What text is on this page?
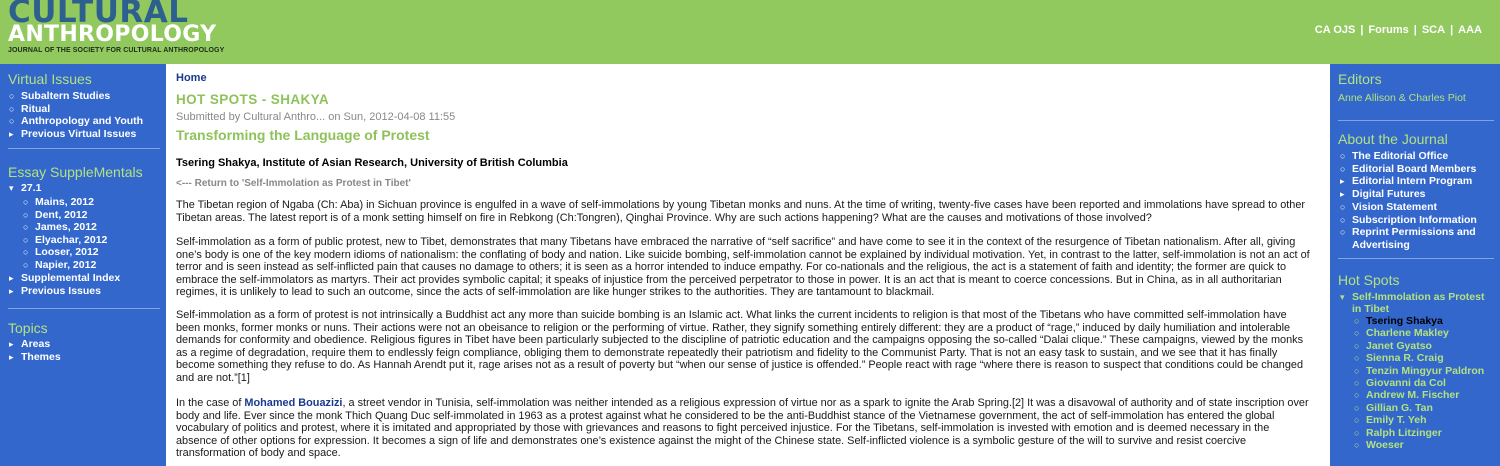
CULTURAL
ANTHROPOLOGY
JOURNAL OF THE SOCIETY FOR CULTURAL ANTHROPOLOGY
CA OJS | Forums | SCA | AAA
Virtual Issues
○ Subaltern Studies
○ Ritual
○ Anthropology and Youth
▸ Previous Virtual Issues
Essay SuppleMentals
▾ 27.1
○ Mains, 2012
○ Dent, 2012
○ James, 2012
○ Elyachar, 2012
○ Looser, 2012
○ Napier, 2012
▸ Supplemental Index
▸ Previous Issues
Topics
▸ Areas
▸ Themes
Home
HOT SPOTS - SHAKYA
Submitted by Cultural Anthro... on Sun, 2012-04-08 11:55
Transforming the Language of Protest
Tsering Shakya, Institute of Asian Research, University of British Columbia
<--- Return to 'Self-Immolation as Protest in Tibet'

The Tibetan region of Ngaba (Ch: Aba) in Sichuan province is engulfed in a wave of self-immolations by young Tibetan monks and nuns. At the time of writing, twenty-five cases have been reported and immolations have spread to other Tibetan areas. The latest report is of a monk setting himself on fire in Rebkong (Ch:Tongren), Qinghai Province. Why are such actions happening? What are the causes and motivations of those involved?

Self-immolation as a form of public protest, new to Tibet, demonstrates that many Tibetans have embraced the narrative of “self sacrifice” and have come to see it in the context of the resurgence of Tibetan nationalism. After all, giving one’s body is one of the key modern idioms of nationalism: the conflating of body and nation. Like suicide bombing, self-immolation cannot be explained by individual motivation. Yet, in contrast to the latter, self-immolation is not an act of terror and is seen instead as self-inflicted pain that causes no damage to others; it is seen as a horror intended to induce empathy. For co-nationals and the religious, the act is a statement of faith and identity; the former are quick to embrace the self-immolators as martyrs. Their act provides symbolic capital; it speaks of injustice from the perceived perpetrator to those in power. It is an act that is meant to coerce concessions. But in China, as in all authoritarian regimes, it is unlikely to lead to such an outcome, since the acts of self-immolation are like hunger strikes to the authorities. They are tantamount to blackmail.

Self-immolation as a form of protest is not intrinsically a Buddhist act any more than suicide bombing is an Islamic act. What links the current incidents to religion is that most of the Tibetans who have committed self-immolation have been monks, former monks or nuns. Their actions were not an obeisance to religion or the performing of virtue. Rather, they signify something entirely different: they are a product of “rage,” induced by daily humiliation and intolerable demands for conformity and obedience. Religious figures in Tibet have been particularly subjected to the discipline of patriotic education and the campaigns opposing the so-called “Dalai clique.” These campaigns, viewed by the monks as a regime of degradation, require them to endlessly feign compliance, obliging them to demonstrate repeatedly their patriotism and fidelity to the Communist Party. That is not an easy task to sustain, and we see that it has finally become something they refuse to do. As Hannah Arendt put it, rage arises not as a result of poverty but “when our sense of justice is offended.” People react with rage “where there is reason to suspect that conditions could be changed and are not.”[1]

In the case of Mohamed Bouazizi, a street vendor in Tunisia, self-immolation was neither intended as a religious expression of virtue nor as a spark to ignite the Arab Spring.[2] It was a disavowal of authority and of state inscription over body and life. Ever since the monk Thich Quang Duc self-immolated in 1963 as a protest against what he considered to be the anti-Buddhist stance of the Vietnamese government, the act of self-immolation has entered the global vocabulary of politics and protest, where it is imitated and appropriated by those with grievances and reasons to fight perceived injustice. For the Tibetans, self-immolation is invested with emotion and is deemed necessary in the absence of other options for expression. It becomes a sign of life and demonstrates one’s existence against the might of the Chinese state. Self-inflicted violence is a symbolic gesture of the will to survive and resist coercive transformation of body and space.

Editors
Anne Allison & Charles Piot
About the Journal
○ The Editorial Office
○ Editorial Board Members
▸ Editorial Intern Program
▸ Digital Futures
○ Vision Statement
○ Subscription Information
○ Reprint Permissions and Advertising
Hot Spots
▾ Self-Immolation as Protest in Tibet
○ Tsering Shakya
○ Charlene Makley
○ Janet Gyatso
○ Sienna R. Craig
○ Tenzin Mingyur Paldron
○ Giovanni da Col
○ Andrew M. Fischer
○ Gillian G. Tan
○ Emily T. Yeh
○ Ralph Litzinger
○ Woeser
